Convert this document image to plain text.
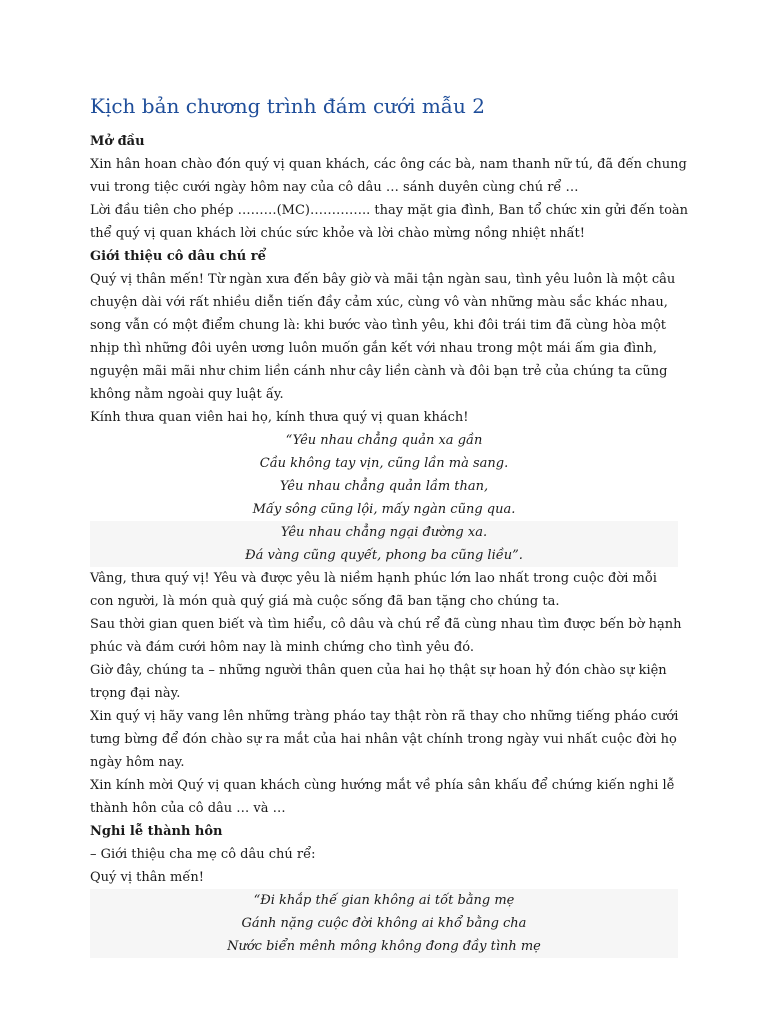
Kịch bản chương trình đám cưới mẫu 2

Mở đầu

Xin hân hoan chào đón quý vị quan khách, các ông các bà, nam thanh nữ tú, đã đến chung

vui trong tiệc cưới ngày hôm nay của cô dâu … sánh duyên cùng chú rể …

Lời đầu tiên cho phép ………(MC)………….. thay mặt gia đình, Ban tổ chức xin gửi đến toàn

thể quý vị quan khách lời chúc sức khỏe và lời chào mừng nồng nhiệt nhất!

Giới thiệu cô dâu chú rể

Quý vị thân mến! Từ ngàn xưa đến bây giờ và mãi tận ngàn sau, tình yêu luôn là một câu

chuyện dài với rất nhiều diễn tiến đầy cảm xúc, cùng vô vàn những màu sắc khác nhau,

song vẫn có một điểm chung là: khi bước vào tình yêu, khi đôi trái tim đã cùng hòa một

nhịp thì những đôi uyên ương luôn muốn gắn kết với nhau trong một mái ấm gia đình,

nguyện mãi mãi như chim liền cánh như cây liền cành và đôi bạn trẻ của chúng ta cũng

không nằm ngoài quy luật ấy.

Kính thưa quan viên hai họ, kính thưa quý vị quan khách!

“Yêu nhau chẳng quản xa gần
Cầu không tay vịn, cũng lần mà sang.
Yêu nhau chẳng quản lầm than,
Mấy sông cũng lội, mấy ngàn cũng qua.
Yêu nhau chẳng ngại đường xa.
Đá vàng cũng quyết, phong ba cũng liều”.

Vâng, thưa quý vị! Yêu và được yêu là niềm hạnh phúc lớn lao nhất trong cuộc đời mỗi

con người, là món quà quý giá mà cuộc sống đã ban tặng cho chúng ta.

Sau thời gian quen biết và tìm hiểu, cô dâu và chú rể đã cùng nhau tìm được bến bờ hạnh

phúc và đám cưới hôm nay là minh chứng cho tình yêu đó.

Giờ đây, chúng ta – những người thân quen của hai họ thật sự hoan hỷ đón chào sự kiện

trọng đại này.

Xin quý vị hãy vang lên những tràng pháo tay thật ròn rã thay cho những tiếng pháo cưới

tưng bừng để đón chào sự ra mắt của hai nhân vật chính trong ngày vui nhất cuộc đời họ

ngày hôm nay.

Xin kính mời Quý vị quan khách cùng hướng mắt về phía sân khấu để chứng kiến nghi lễ

thành hôn của cô dâu … và …

Nghi lễ thành hôn

– Giới thiệu cha mẹ cô dâu chú rể:

Quý vị thân mến!

“Đi khắp thế gian không ai tốt bằng mẹ
Gánh nặng cuộc đời không ai khổ bằng cha
Nước biển mênh mông không đong đầy tình mẹ
